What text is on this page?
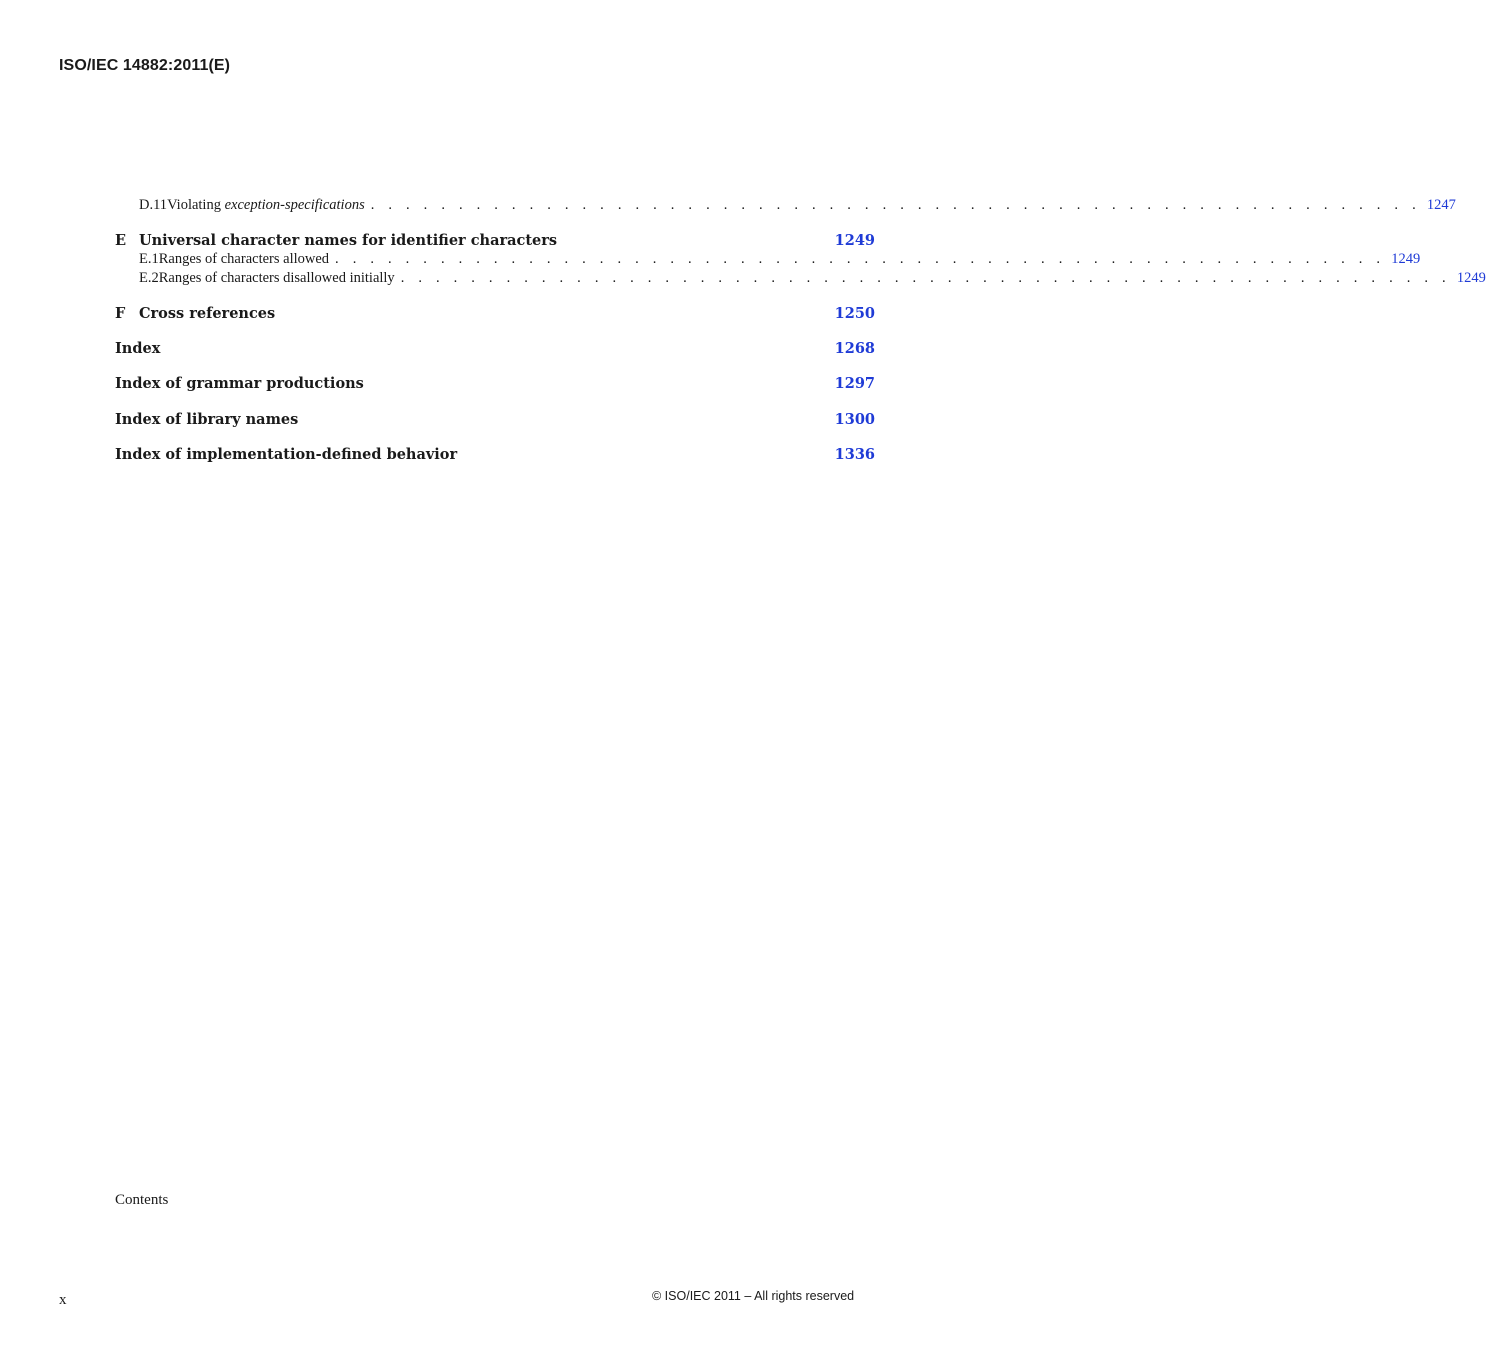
ISO/IEC 14882:2011(E)
D.11 Violating exception-specifications . . . . . . . . . . . . . . . . . . . . . . . . . . . . . . . . . . . . . . . . . . . . . . . . . . . . . . . . . . . . 1247
E Universal character names for identifier characters	1249
E.1 Ranges of characters allowed . . . . . . . . . . . . . . . . . . . . . . . . . . . . . . . . . . . . . . . . . . . . . . . . . . . . . . . . . . . . 1249
E.2 Ranges of characters disallowed initially . . . . . . . . . . . . . . . . . . . . . . . . . . . . . . . . . . . . . . . . . . . . . . . . . . . . . . . . . . . . 1249
F Cross references	1250
Index	1268
Index of grammar productions	1297
Index of library names	1300
Index of implementation-defined behavior	1336
Contents
x	© ISO/IEC 2011 – All rights reserved
